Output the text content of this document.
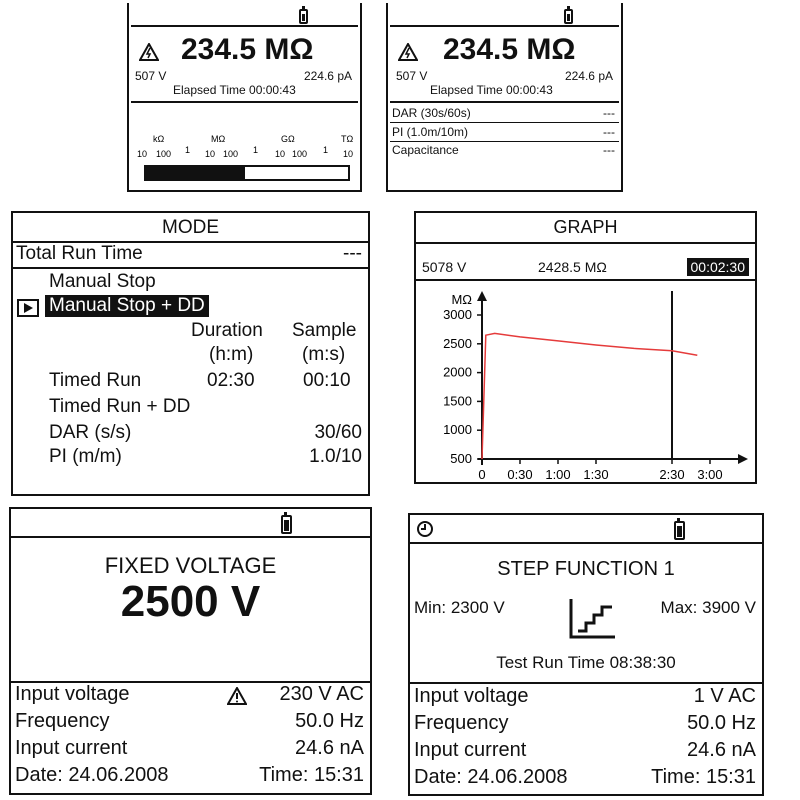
234.5 MΩ
507 V	224.6 pA
Elapsed Time 00:00:43
kΩ	MΩ	GΩ	TΩ
10 100 1 10 100 1 10 100 1 10
234.5 MΩ
507 V	224.6 pA
Elapsed Time 00:00:43
DAR (30s/60s)	---
PI (1.0m/10m)	---
Capacitance	---
MODE
Total Run Time	---
Manual Stop
Manual Stop + DD
Duration
(h:m)
Sample
(m:s)
Timed Run	02:30	00:10
Timed Run + DD
DAR (s/s)	30/60
PI (m/m)	1.0/10
GRAPH
5078 V	2428.5 MΩ	00:02:30
MΩ
3000
2500
2000
1500
1000
500
0 0:30 1:00 1:30	2:30 3:00
FIXED VOLTAGE
2500 V
Input voltage	230 V AC
Frequency	50.0 Hz
Input current	24.6 nA
Date: 24.06.2008	Time: 15:31
STEP FUNCTION 1
Min: 2300 V	Max: 3900 V
Test Run Time 08:38:30
Input voltage	1 V AC
Frequency	50.0 Hz
Input current	24.6 nA
Date: 24.06.2008	Time: 15:31
